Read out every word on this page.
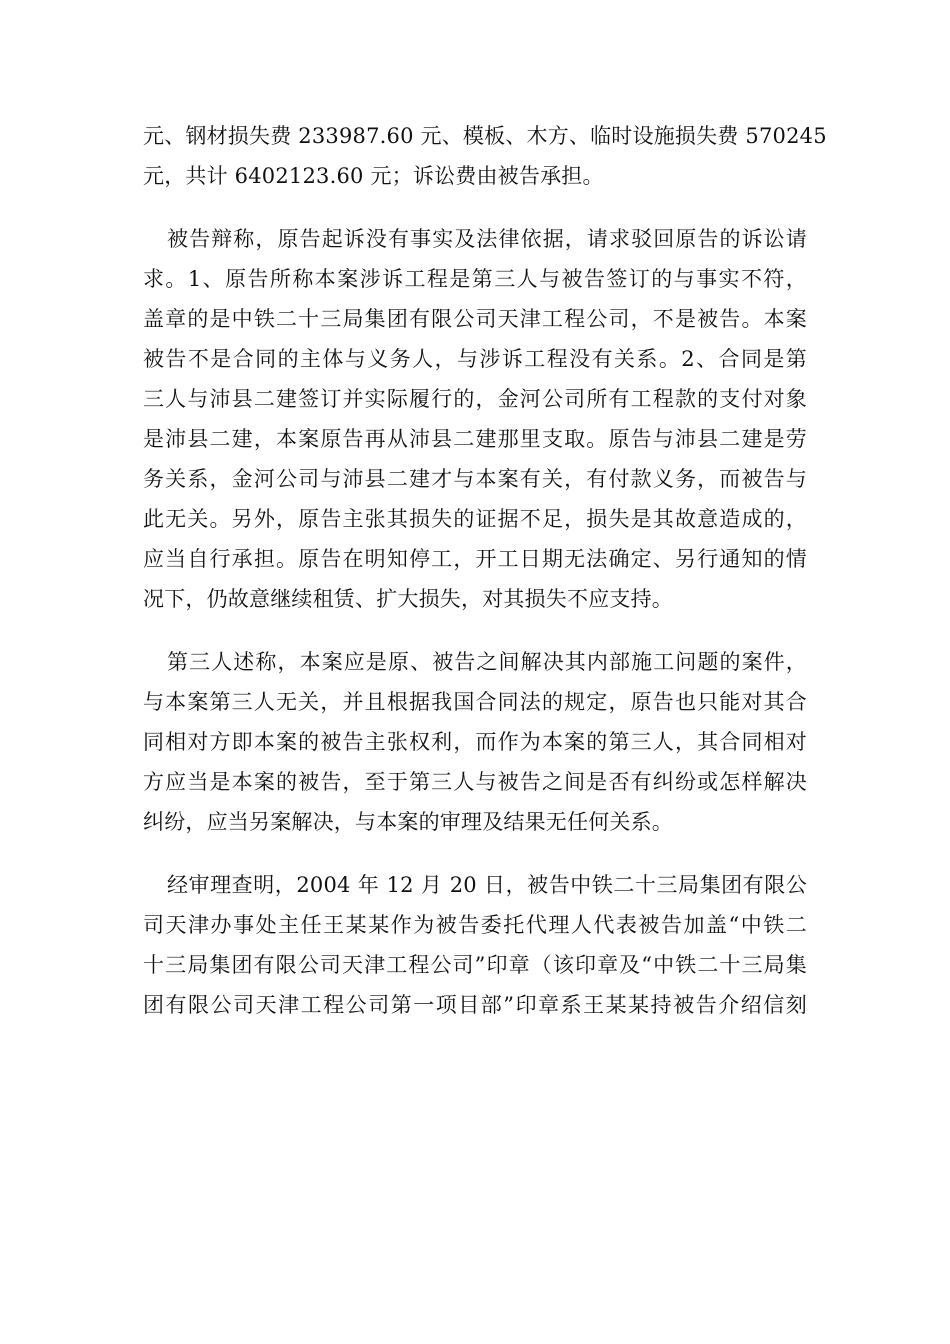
元、钢材损失费 233987.60 元、模板、木方、临时设施损失费 570245
元，共计 6402123.60 元；诉讼费由被告承担。
被告辩称，原告起诉没有事实及法律依据，请求驳回原告的诉讼请
求。1、原告所称本案涉诉工程是第三人与被告签订的与事实不符，
盖章的是中铁二十三局集团有限公司天津工程公司，不是被告。本案
被告不是合同的主体与义务人，与涉诉工程没有关系。2、合同是第
三人与沛县二建签订并实际履行的，金河公司所有工程款的支付对象
是沛县二建，本案原告再从沛县二建那里支取。原告与沛县二建是劳
务关系，金河公司与沛县二建才与本案有关，有付款义务，而被告与
此无关。另外，原告主张其损失的证据不足，损失是其故意造成的，
应当自行承担。原告在明知停工，开工日期无法确定、另行通知的情
况下，仍故意继续租赁、扩大损失，对其损失不应支持。
第三人述称，本案应是原、被告之间解决其内部施工问题的案件，
与本案第三人无关，并且根据我国合同法的规定，原告也只能对其合
同相对方即本案的被告主张权利，而作为本案的第三人，其合同相对
方应当是本案的被告，至于第三人与被告之间是否有纠纷或怎样解决
纠纷，应当另案解决，与本案的审理及结果无任何关系。
经审理查明，2004 年 12 月 20 日，被告中铁二十三局集团有限公
司天津办事处主任王某某作为被告委托代理人代表被告加盖“中铁二
十三局集团有限公司天津工程公司”印章（该印章及“中铁二十三局集
团有限公司天津工程公司第一项目部”印章系王某某持被告介绍信刻
